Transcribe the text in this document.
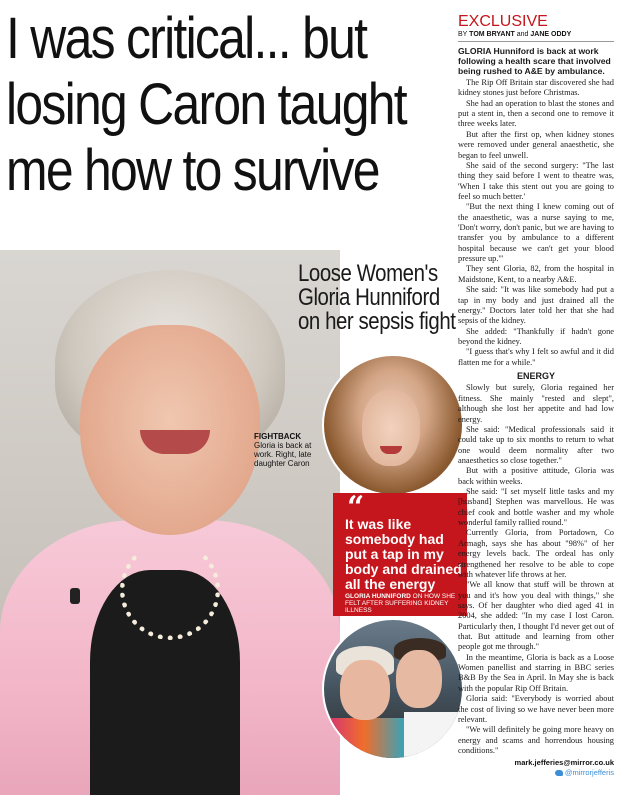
I was critical... but
losing Caron taught
me how to survive
Loose Women's
Gloria Hunniford
on her sepsis fight
FIGHTBACK
Gloria is back at work. Right, late daughter Caron
“
It was like somebody had put a tap in my body and drained all the energy
GLORIA HUNNIFORD ON HOW SHE FELT AFTER SUFFERING KIDNEY ILLNESS
GRANDSON Gloria at do with Caron's son Gabriel
EXCLUSIVE
BY TOM BRYANT and JANE ODDY
GLORIA Hunniford is back at work following a health scare that involved being rushed to A&E by ambulance.

The Rip Off Britain star discovered she had kidney stones just before Christmas.

She had an operation to blast the stones and put a stent in, then a second one to remove it three weeks later.

But after the first op, when kidney stones were removed under general anaesthetic, she began to feel unwell.

She said of the second surgery: "The last thing they said before I went to theatre was, 'When I take this stent out you are going to feel so much better.'

"But the next thing I knew coming out of the anaesthetic, was a nurse saying to me, 'Don't worry, don't panic, but we are having to transfer you by ambulance to a different hospital because we can't get your blood pressure up.'"

They sent Gloria, 82, from the hospital in Maidstone, Kent, to a nearby A&E.

She said: "It was like somebody had put a tap in my body and just drained all the energy." Doctors later told her that she had sepsis of the kidney.

She added: "Thankfully if hadn't gone beyond the kidney.

"I guess that's why I felt so awful and it did flatten me for a while."

ENERGY

Slowly but surely, Gloria regained her fitness. She mainly "rested and slept", although she lost her appetite and had low energy.

She said: "Medical professionals said it could take up to six months to return to what one would deem normality after two anaesthetics so close together."

But with a positive attitude, Gloria was back within weeks.

She said: "I set myself little tasks and my [husband] Stephen was marvellous. He was chief cook and bottle washer and my whole wonderful family rallied round."

Currently Gloria, from Portadown, Co Armagh, says she has about "98%" of her energy levels back. The ordeal has only strengthened her resolve to be able to cope with whatever life throws at her.

"We all know that stuff will be thrown at you and it's how you deal with things," she says. Of her daughter who died aged 41 in 2004, she added: "In my case I lost Caron. Particularly then, I thought I'd never get out of that. But attitude and learning from other people got me through."

In the meantime, Gloria is back as a Loose Women panellist and starring in BBC series B&B By the Sea in April. In May she is back with the popular Rip Off Britain.

Gloria said: "Everybody is worried about the cost of living so we have never been more relevant.

"We will definitely be going more heavy on energy and scams and horrendous housing conditions."

mark.jefferies@mirror.co.uk
@mirrorjefferis
